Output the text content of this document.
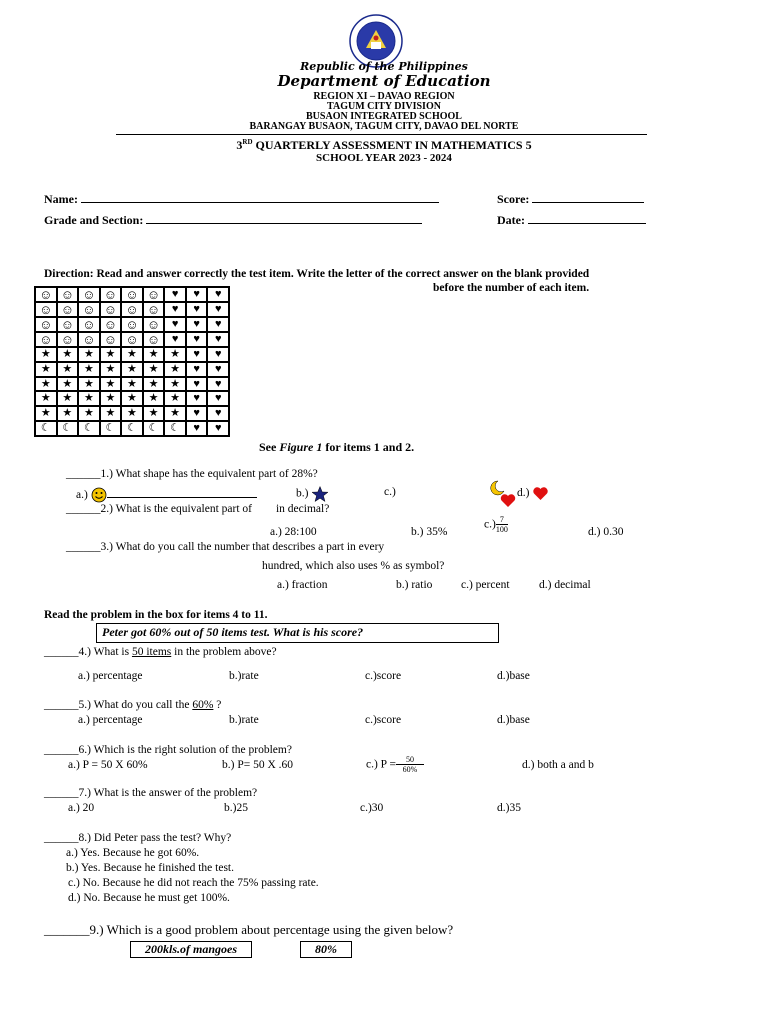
Republic of the Philippines
Department of Education
REGION XI – DAVAO REGION
TAGUM CITY DIVISION
BUSAON INTEGRATED SCHOOL
BARANGAY BUSAON, TAGUM CITY, DAVAO DEL NORTE
3RD QUARTERLY ASSESSMENT IN MATHEMATICS 5
SCHOOL YEAR 2023 - 2024
Name:	Score:
Grade and Section:	Date:
Direction: Read and answer correctly the test item. Write the letter of the correct answer on the blank provided
before the number of each item.
☺ ☺ ☺ ☺ ☺ ☺	♥	♥	♥
☺ ☺ ☺ ☺ ☺ ☺	♥	♥	♥
☺ ☺ ☺ ☺ ☺ ☺	♥	♥	♥
☺ ☺ ☺ ☺ ☺ ☺	♥	♥	♥
★	★	★	★	★	★	★	♥	♥
★	★	★	★	★	★	★	♥	♥
★	★	★	★	★	★	★	♥	♥
★	★	★	★	★	★	★	♥	♥
★	★	★	★	★	★	★	♥	♥
☾	☾	☾	☾	☾	☾	☾	♥	♥
See Figure 1 for items 1 and 2.
______1.) What shape has the equivalent part of 28%?
a.)	b.)	c.)	d.)
______2.) What is the equivalent part of in decimal?
a.) 28:100	b.) 35%
$c.) \frac{7}{100}$	d.) 0.30
______3.) What do you call the number that describes a part in every
hundred, which also uses % as symbol?
a.) fraction	b.) ratio c.) percent	d.) decimal
Read the problem in the box for items 4 to 11.
Peter got 60% out of 50 items test. What is his score?
______4.) What is 50 items in the problem above?
a.) percentage	b.)rate	c.)score	d.)base
______5.) What do you call the 60% ?
a.) percentage	b.)rate	c.)score	d.)base
______6.) Which is the right solution of the problem?
a.) P = 50 X 60%	b.) P= 50 X .60	c.) $P = \frac{50}{60\%}$	d.) both a and b
______7.) What is the answer of the problem?
a.) 20	b.)25	c.)30	d.)35
______8.) Did Peter pass the test? Why?
a.) Yes. Because he got 60%.
b.) Yes. Because he finished the test.
c.) No. Because he did not reach the 75% passing rate.
d.) No. Because he must get 100%.
_______9.) Which is a good problem about percentage using the given below?
200kls.of mangoes	80%
